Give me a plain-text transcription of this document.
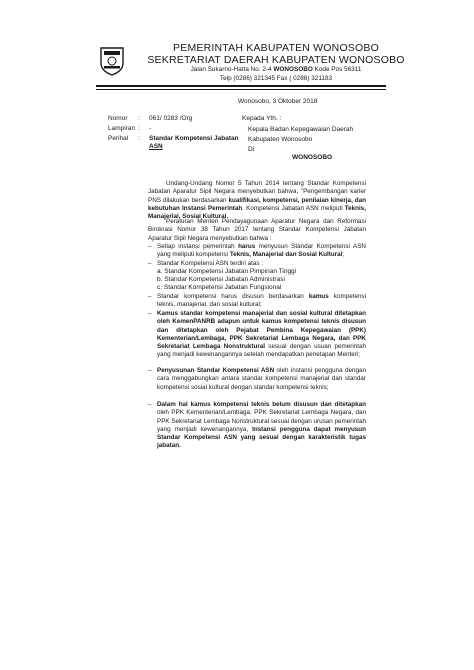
PEMERINTAH KABUPATEN WONOSOBO
SEKRETARIAT DAERAH KABUPATEN WONOSOBO
Jalan Sukarno-Hatta No. 2-4 WONOSOBO Kode Pos 56311
Telp (0286) 321345 Fax ( 0286) 321183
Wonosobo, 3 Oktober 2018
Nomor : 061/ 0283 /Org
Lampiran : -
Perihal : Standar Kompetensi Jabatan
ASN
Kepada Yth. :
Kepala Badan Kepegawaian Daerah
Kabupaten Wonosobo
Di
WONOSOBO

Undang-Undang Nomor 5 Tahun 2014 tentang Standar Kompetensi Jabatan Aparatur Sipil Negara menyebutkan bahwa, "Pengembangan karier PNS dilakukan berdasarkan kualifikasi, kompetensi, penilaian kinerja, dan kebutuhan Instansi Pemerintah. Kompetensi Jabatan ASN meliputi Teknis, Manajerial, Sosial Kultural.

Peraturan Menteri Pendayagunaan Aparatur Negara dan Reformasi Birokrasi Nomor 38 Tahun 2017 tentang Standar Kompetensi Jabatan Aparatur Sipil Negara menyebutkan bahwa :

– Setiap instansi pemerintah harus menyusun Standar Kompetensi ASN yang meliputi kompetensi Teknis, Manajerial dan Sosial Kultural;
– Standar Kompetensi ASN terdiri atas :
a. Standar Kompetensi Jabatan Pimpinan Tinggi
b. Standar Kompetensi Jabatan Administrasi
c. Standar Kompetensi Jabatan Fungsional
– Standar kompetensi harus disusun berdasarkan kamus kompetensi teknis, manajerial, dan sosial kultural;
– Kamus standar kompetensi manajerial dan sosial kultural ditetapkan oleh KemenPANRB adapun untuk kamus kompetensi teknis disusun dan ditetapkan oleh Pejabat Pembina Kepegawaian (PPK) Kementerian/Lembaga, PPK Sekretariat Lembaga Negara, dan PPK Sekretariat Lembaga Nonstruktural sesuai dengan usuan pemerintah yang menjadi kewenangannya setelah mendapatkan penetapan Menteri;
– Penyusunan Standar Kompetensi ASN oleh instansi pengguna dengan cara menggabungkan antara standar kompetensi manajerial dan standar kompetensi sosial kultural dengan standar kompetensi teknis;
– Dalam hal kamus kompetensi teknis belum disusun dan ditetapkan oleh PPK Kementerian/Lembaga, PPK Sekretariat Lembaga Negara, dan PPK Sekretariat Lembaga Nonstruktural sesuai dengan urusan pemerintah yang menjadi kewenangannya, Instansi pengguna dapat menyusun Standar Kompetensi ASN yang sesuai dengan karakteristik tugas jabatan.
